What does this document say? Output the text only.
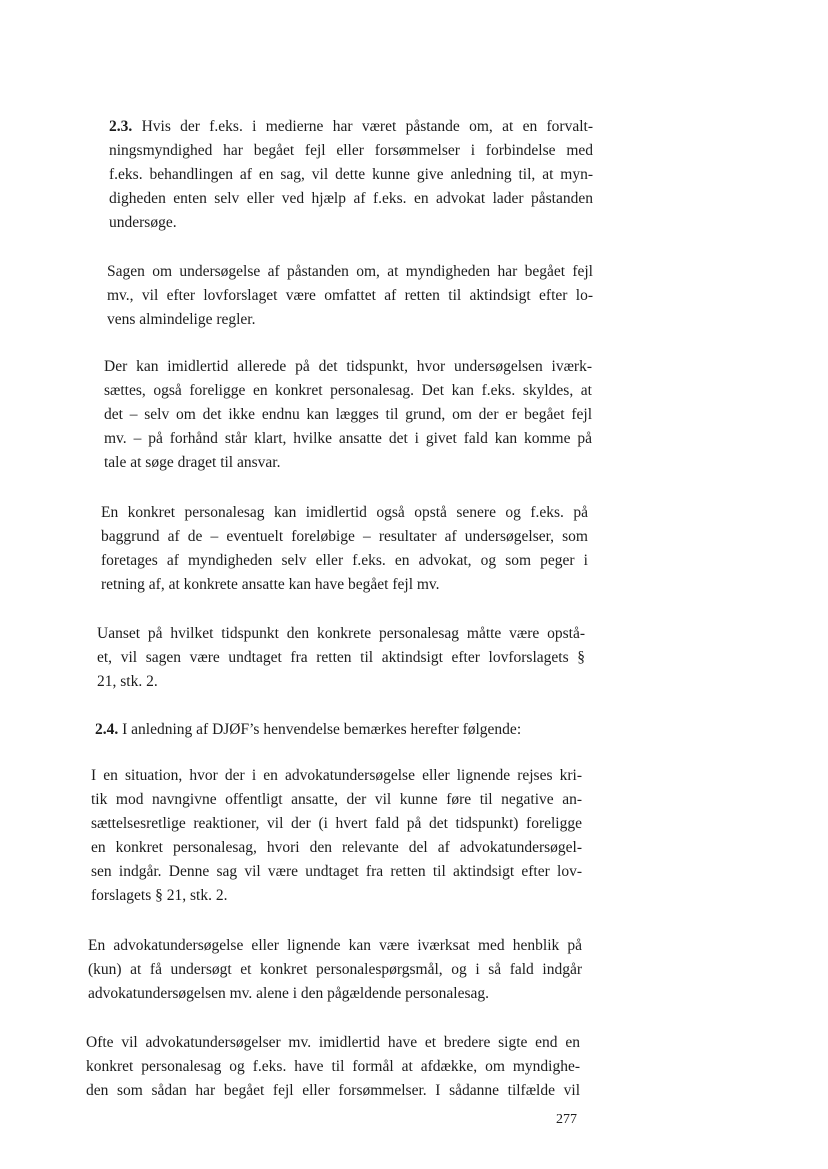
2.3. Hvis der f.eks. i medierne har været påstande om, at en forvalt-
ningsmyndighed har begået fejl eller forsømmelser i forbindelse med
f.eks. behandlingen af en sag, vil dette kunne give anledning til, at myn-
digheden enten selv eller ved hjælp af f.eks. en advokat lader påstanden
undersøge.
Sagen om undersøgelse af påstanden om, at myndigheden har begået fejl
mv., vil efter lovforslaget være omfattet af retten til aktindsigt efter lo-
vens almindelige regler.
Der kan imidlertid allerede på det tidspunkt, hvor undersøgelsen iværk-
sættes, også foreligge en konkret personalesag. Det kan f.eks. skyldes, at
det – selv om det ikke endnu kan lægges til grund, om der er begået fejl
mv. – på forhånd står klart, hvilke ansatte det i givet fald kan komme på
tale at søge draget til ansvar.
En konkret personalesag kan imidlertid også opstå senere og f.eks. på
baggrund af de – eventuelt foreløbige – resultater af undersøgelser, som
foretages af myndigheden selv eller f.eks. en advokat, og som peger i
retning af, at konkrete ansatte kan have begået fejl mv.
Uanset på hvilket tidspunkt den konkrete personalesag måtte være opstå-
et, vil sagen være undtaget fra retten til aktindsigt efter lovforslagets §
21, stk. 2.
2.4. I anledning af DJØF’s henvendelse bemærkes herefter følgende:
I en situation, hvor der i en advokatundersøgelse eller lignende rejses kri-
tik mod navngivne offentligt ansatte, der vil kunne føre til negative an-
sættelsesretlige reaktioner, vil der (i hvert fald på det tidspunkt) foreligge
en konkret personalesag, hvori den relevante del af advokatundersøgel-
sen indgår. Denne sag vil være undtaget fra retten til aktindsigt efter lov-
forslagets § 21, stk. 2.
En advokatundersøgelse eller lignende kan være iværksat med henblik på
(kun) at få undersøgt et konkret personalespørgsmål, og i så fald indgår
advokatundersøgelsen mv. alene i den pågældende personalesag.
Ofte vil advokatundersøgelser mv. imidlertid have et bredere sigte end en
konkret personalesag og f.eks. have til formål at afdække, om myndighe-
den som sådan har begået fejl eller forsømmelser. I sådanne tilfælde vil
277
